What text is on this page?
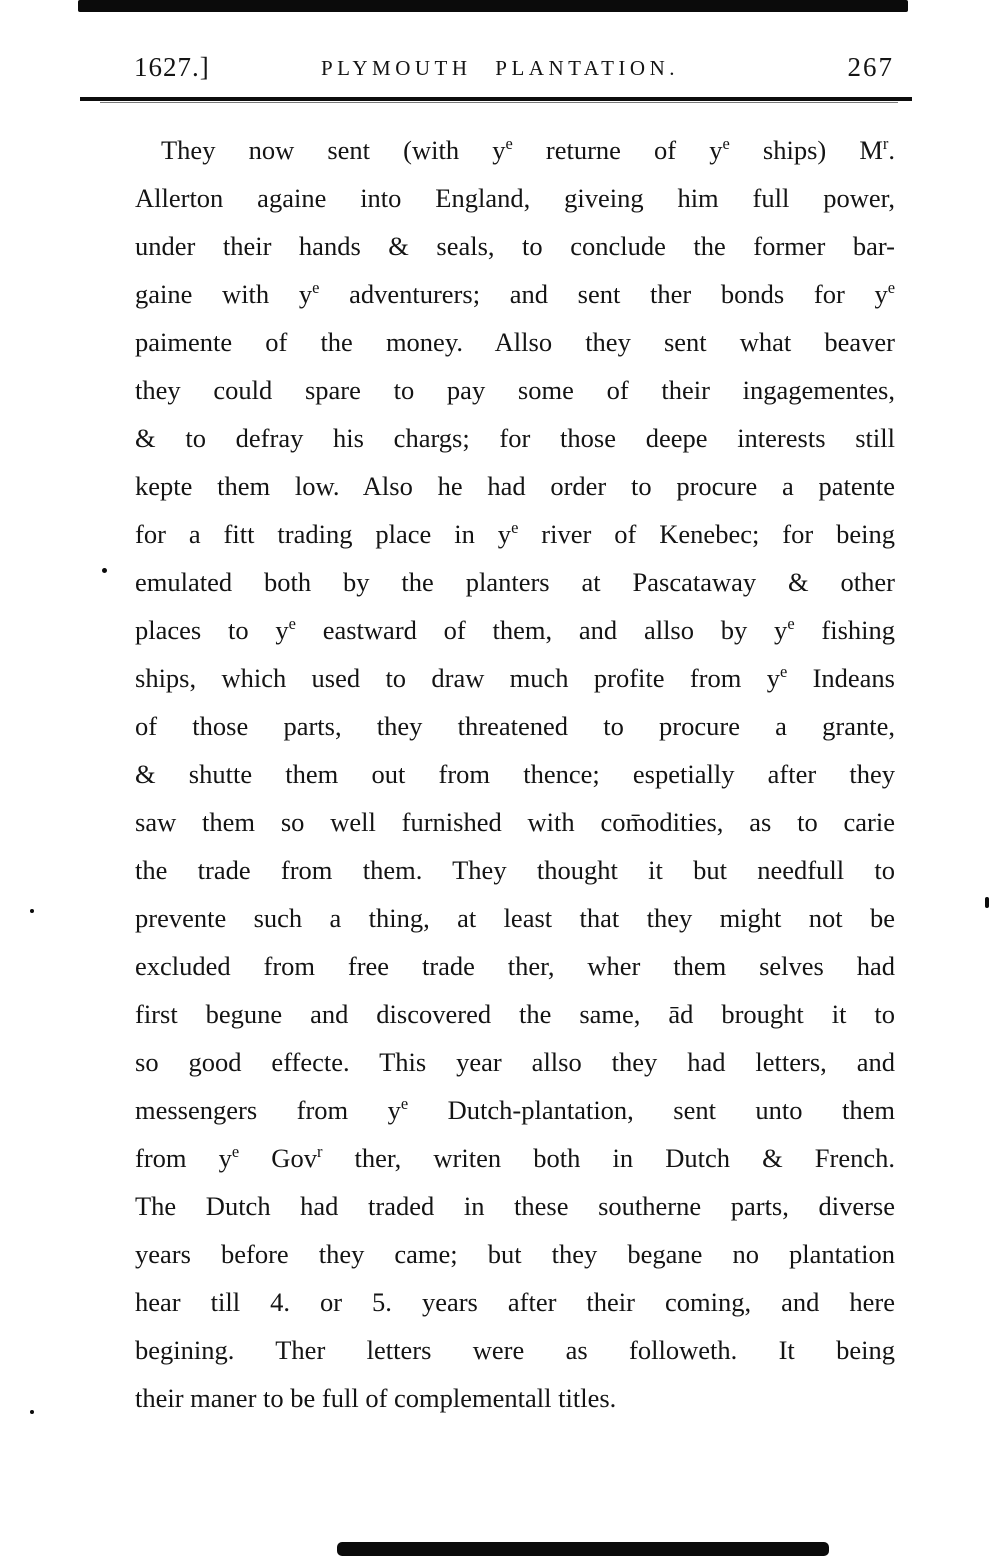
1627.]	PLYMOUTH PLANTATION.	267
They now sent (with $y^e$ returne of $y^e$ ships) $M^r$.
Allerton againe into England, giveing him full power,
under their hands & seals, to conclude the former bar-
gaine with $y^e$ adventurers; and sent ther bonds for $y^e$
paimente of the money. Allso they sent what beaver
they could spare to pay some of their ingagementes,
& to defray his chargs; for those deepe interests still
kepte them low. Also he had order to procure a patente
for a fitt trading place in $y^e$ river of Kenebec; for being
emulated both by the planters at Pascataway & other
places to $y^e$ eastward of them, and allso by $y^e$ fishing
ships, which used to draw much profite from $y^e$ Indeans
of those parts, they threatened to procure a grante,
& shutte them out from thence; espetially after they
saw them so well furnished with com̄odities, as to carie
the trade from them. They thought it but needfull to
prevente such a thing, at least that they might not be
excluded from free trade ther, wher them selves had
first begune and discovered the same, ād brought it to
so good effecte. This year allso they had letters, and
messengers from $y^e$ Dutch-plantation, sent unto them
from $y^e$ Gov$^r$ ther, writen both in Dutch & French.
The Dutch had traded in these southerne parts, diverse
years before they came; but they begane no plantation
hear till 4. or 5. years after their coming, and here
begining. Ther letters were as followeth. It being
their maner to be full of complementall titles.
